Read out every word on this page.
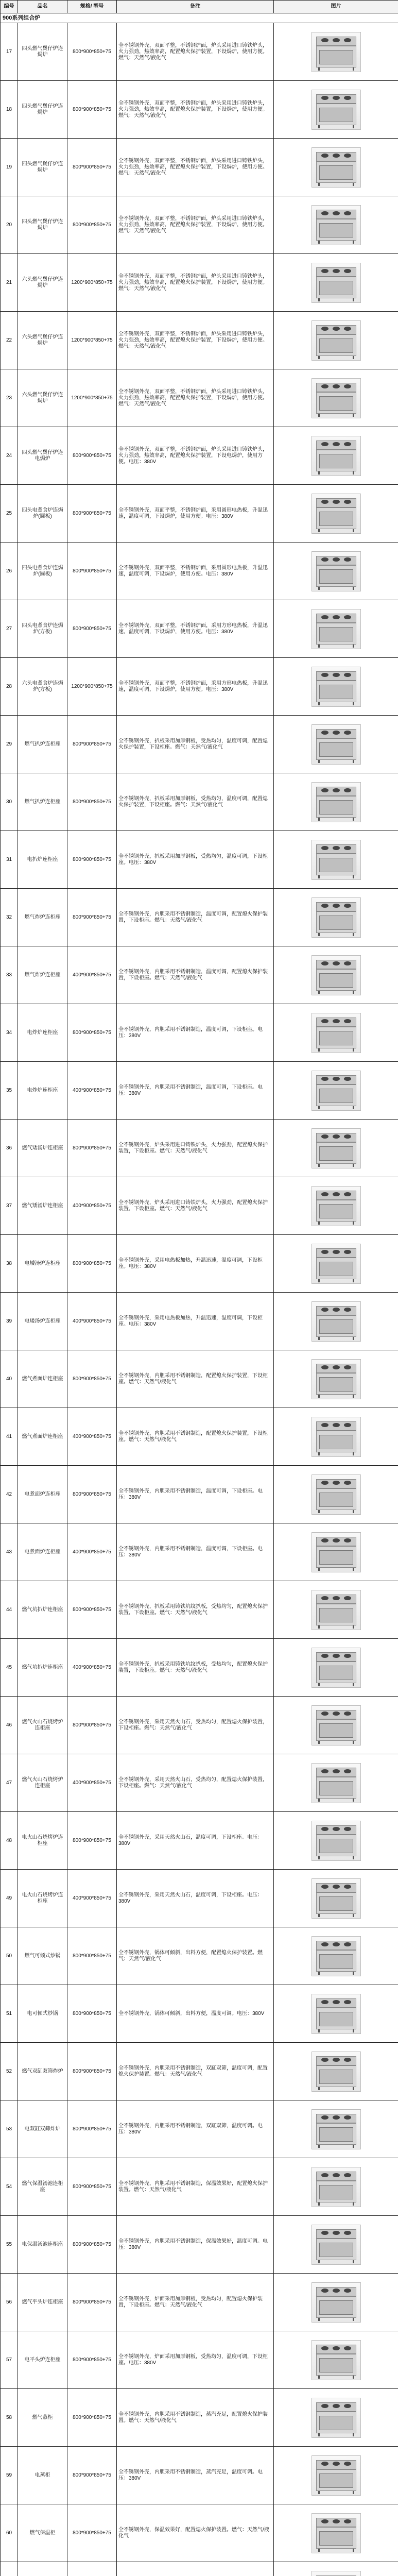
编号	品名	规格/ 型号	备注	图片
900系列组合炉				
17	四头燃气煲仔炉连焗炉	800*900*850+75	全不锈钢外壳，双面平整，不锈钢炉面，炉头采用进口铸铁炉头，火力强劲，热效率高，配置熄火保护装置，下设焗炉，使用方便。燃气：天然气/液化气	

18	四头燃气煲仔炉连焗炉	800*900*850+75	全不锈钢外壳，双面平整，不锈钢炉面，炉头采用进口铸铁炉头，火力强劲，热效率高，配置熄火保护装置，下设焗炉，使用方便。燃气：天然气/液化气	

19	四头燃气煲仔炉连焗炉	800*900*850+75	全不锈钢外壳，双面平整，不锈钢炉面，炉头采用进口铸铁炉头，火力强劲，热效率高，配置熄火保护装置，下设焗炉，使用方便。燃气：天然气/液化气	

20	四头燃气煲仔炉连焗炉	800*900*850+75	全不锈钢外壳，双面平整，不锈钢炉面，炉头采用进口铸铁炉头，火力强劲，热效率高，配置熄火保护装置，下设焗炉，使用方便。燃气：天然气/液化气	

21	六头燃气煲仔炉连焗炉	1200*900*850+75	全不锈钢外壳，双面平整，不锈钢炉面，炉头采用进口铸铁炉头，火力强劲，热效率高，配置熄火保护装置，下设焗炉，使用方便。燃气：天然气/液化气	

22	六头燃气煲仔炉连焗炉	1200*900*850+75	全不锈钢外壳，双面平整，不锈钢炉面，炉头采用进口铸铁炉头，火力强劲，热效率高，配置熄火保护装置，下设焗炉，使用方便。燃气：天然气/液化气	

23	六头燃气煲仔炉连焗炉	1200*900*850+75	全不锈钢外壳，双面平整，不锈钢炉面，炉头采用进口铸铁炉头，火力强劲，热效率高，配置熄火保护装置，下设焗炉，使用方便。燃气：天然气/液化气	

24	四头燃气煲仔炉连电焗炉	800*900*850+75	全不锈钢外壳，双面平整，不锈钢炉面，炉头采用进口铸铁炉头，火力强劲，热效率高，配置熄火保护装置，下设电焗炉，使用方便。电压：380V	

25	四头电煮食炉连焗炉(圆板)	800*900*850+75	全不锈钢外壳，双面平整，不锈钢炉面，采用圆形电热板，升温迅速，温度可调，下设焗炉，使用方便。电压：380V	

26	四头电煮食炉连焗炉(圆板)	800*900*850+75	全不锈钢外壳，双面平整，不锈钢炉面，采用圆形电热板，升温迅速，温度可调，下设焗炉，使用方便。电压：380V	

27	四头电煮食炉连焗炉(方板)	800*900*850+75	全不锈钢外壳，双面平整，不锈钢炉面，采用方形电热板，升温迅速，温度可调，下设焗炉，使用方便。电压：380V	

28	六头电煮食炉连焗炉(方板)	1200*900*850+75	全不锈钢外壳，双面平整，不锈钢炉面，采用方形电热板，升温迅速，温度可调，下设焗炉，使用方便。电压：380V	

29	燃气扒炉连柜座	800*900*850+75	全不锈钢外壳，扒板采用加厚钢板，受热均匀，温度可调，配置熄火保护装置，下设柜座。燃气：天然气/液化气	

30	燃气扒炉连柜座	800*900*850+75	全不锈钢外壳，扒板采用加厚钢板，受热均匀，温度可调，配置熄火保护装置，下设柜座。燃气：天然气/液化气	

31	电扒炉连柜座	800*900*850+75	全不锈钢外壳，扒板采用加厚钢板，受热均匀，温度可调，下设柜座。电压：380V	

32	燃气炸炉连柜座	800*900*850+75	全不锈钢外壳，内胆采用不锈钢制造，温度可调，配置熄火保护装置，下设柜座。燃气：天然气/液化气	

33	燃气炸炉连柜座	400*900*850+75	全不锈钢外壳，内胆采用不锈钢制造，温度可调，配置熄火保护装置，下设柜座。燃气：天然气/液化气	

34	电炸炉连柜座	800*900*850+75	全不锈钢外壳，内胆采用不锈钢制造，温度可调，下设柜座。电压：380V	

35	电炸炉连柜座	400*900*850+75	全不锈钢外壳，内胆采用不锈钢制造，温度可调，下设柜座。电压：380V	

36	燃气矮汤炉连柜座	800*900*850+75	全不锈钢外壳，炉头采用进口铸铁炉头，火力强劲，配置熄火保护装置，下设柜座。燃气：天然气/液化气	

37	燃气矮汤炉连柜座	400*900*850+75	全不锈钢外壳，炉头采用进口铸铁炉头，火力强劲，配置熄火保护装置，下设柜座。燃气：天然气/液化气	

38	电矮汤炉连柜座	800*900*850+75	全不锈钢外壳，采用电热板加热，升温迅速，温度可调，下设柜座。电压：380V	

39	电矮汤炉连柜座	400*900*850+75	全不锈钢外壳，采用电热板加热，升温迅速，温度可调，下设柜座。电压：380V	

40	燃气煮面炉连柜座	800*900*850+75	全不锈钢外壳，内胆采用不锈钢制造，配置熄火保护装置，下设柜座。燃气：天然气/液化气	

41	燃气煮面炉连柜座	400*900*850+75	全不锈钢外壳，内胆采用不锈钢制造，配置熄火保护装置，下设柜座。燃气：天然气/液化气	

42	电煮面炉连柜座	800*900*850+75	全不锈钢外壳，内胆采用不锈钢制造，温度可调，下设柜座。电压：380V	

43	电煮面炉连柜座	400*900*850+75	全不锈钢外壳，内胆采用不锈钢制造，温度可调，下设柜座。电压：380V	

44	燃气坑扒炉连柜座	800*900*850+75	全不锈钢外壳，扒板采用铸铁坑纹扒板，受热均匀，配置熄火保护装置，下设柜座。燃气：天然气/液化气	

45	燃气坑扒炉连柜座	400*900*850+75	全不锈钢外壳，扒板采用铸铁坑纹扒板，受热均匀，配置熄火保护装置，下设柜座。燃气：天然气/液化气	

46	燃气火山石烧烤炉连柜座	800*900*850+75	全不锈钢外壳，采用天然火山石，受热均匀，配置熄火保护装置，下设柜座。燃气：天然气/液化气	

47	燃气火山石烧烤炉连柜座	400*900*850+75	全不锈钢外壳，采用天然火山石，受热均匀，配置熄火保护装置，下设柜座。燃气：天然气/液化气	

48	电火山石烧烤炉连柜座	800*900*850+75	全不锈钢外壳，采用天然火山石，温度可调，下设柜座。电压：380V	

49	电火山石烧烤炉连柜座	400*900*850+75	全不锈钢外壳，采用天然火山石，温度可调，下设柜座。电压：380V	

50	燃气可倾式炒锅	800*900*850+75	全不锈钢外壳，锅体可倾斜，出料方便，配置熄火保护装置。燃气：天然气/液化气	

51	电可倾式炒锅	800*900*850+75	全不锈钢外壳，锅体可倾斜，出料方便，温度可调。电压：380V	

52	燃气双缸双筛炸炉	800*900*850+75	全不锈钢外壳，内胆采用不锈钢制造，双缸双筛，温度可调，配置熄火保护装置。燃气：天然气/液化气	

53	电双缸双筛炸炉	800*900*850+75	全不锈钢外壳，内胆采用不锈钢制造，双缸双筛，温度可调。电压：380V	

54	燃气保温汤池连柜座	800*900*850+75	全不锈钢外壳，内胆采用不锈钢制造，保温效果好，配置熄火保护装置。燃气：天然气/液化气	

55	电保温汤池连柜座	800*900*850+75	全不锈钢外壳，内胆采用不锈钢制造，保温效果好，温度可调。电压：380V	

56	燃气平头炉连柜座	800*900*850+75	全不锈钢外壳，炉面采用加厚钢板，受热均匀，配置熄火保护装置，下设柜座。燃气：天然气/液化气	

57	电平头炉连柜座	800*900*850+75	全不锈钢外壳，炉面采用加厚钢板，受热均匀，温度可调，下设柜座。电压：380V	

58	燃气蒸柜	800*900*850+75	全不锈钢外壳，内胆采用不锈钢制造，蒸汽充足，配置熄火保护装置。燃气：天然气/液化气	

59	电蒸柜	800*900*850+75	全不锈钢外壳，内胆采用不锈钢制造，蒸汽充足，温度可调。电压：380V	

60	燃气保温柜	800*900*850+75	全不锈钢外壳，保温效果好，配置熄火保护装置。燃气：天然气/液化气	
